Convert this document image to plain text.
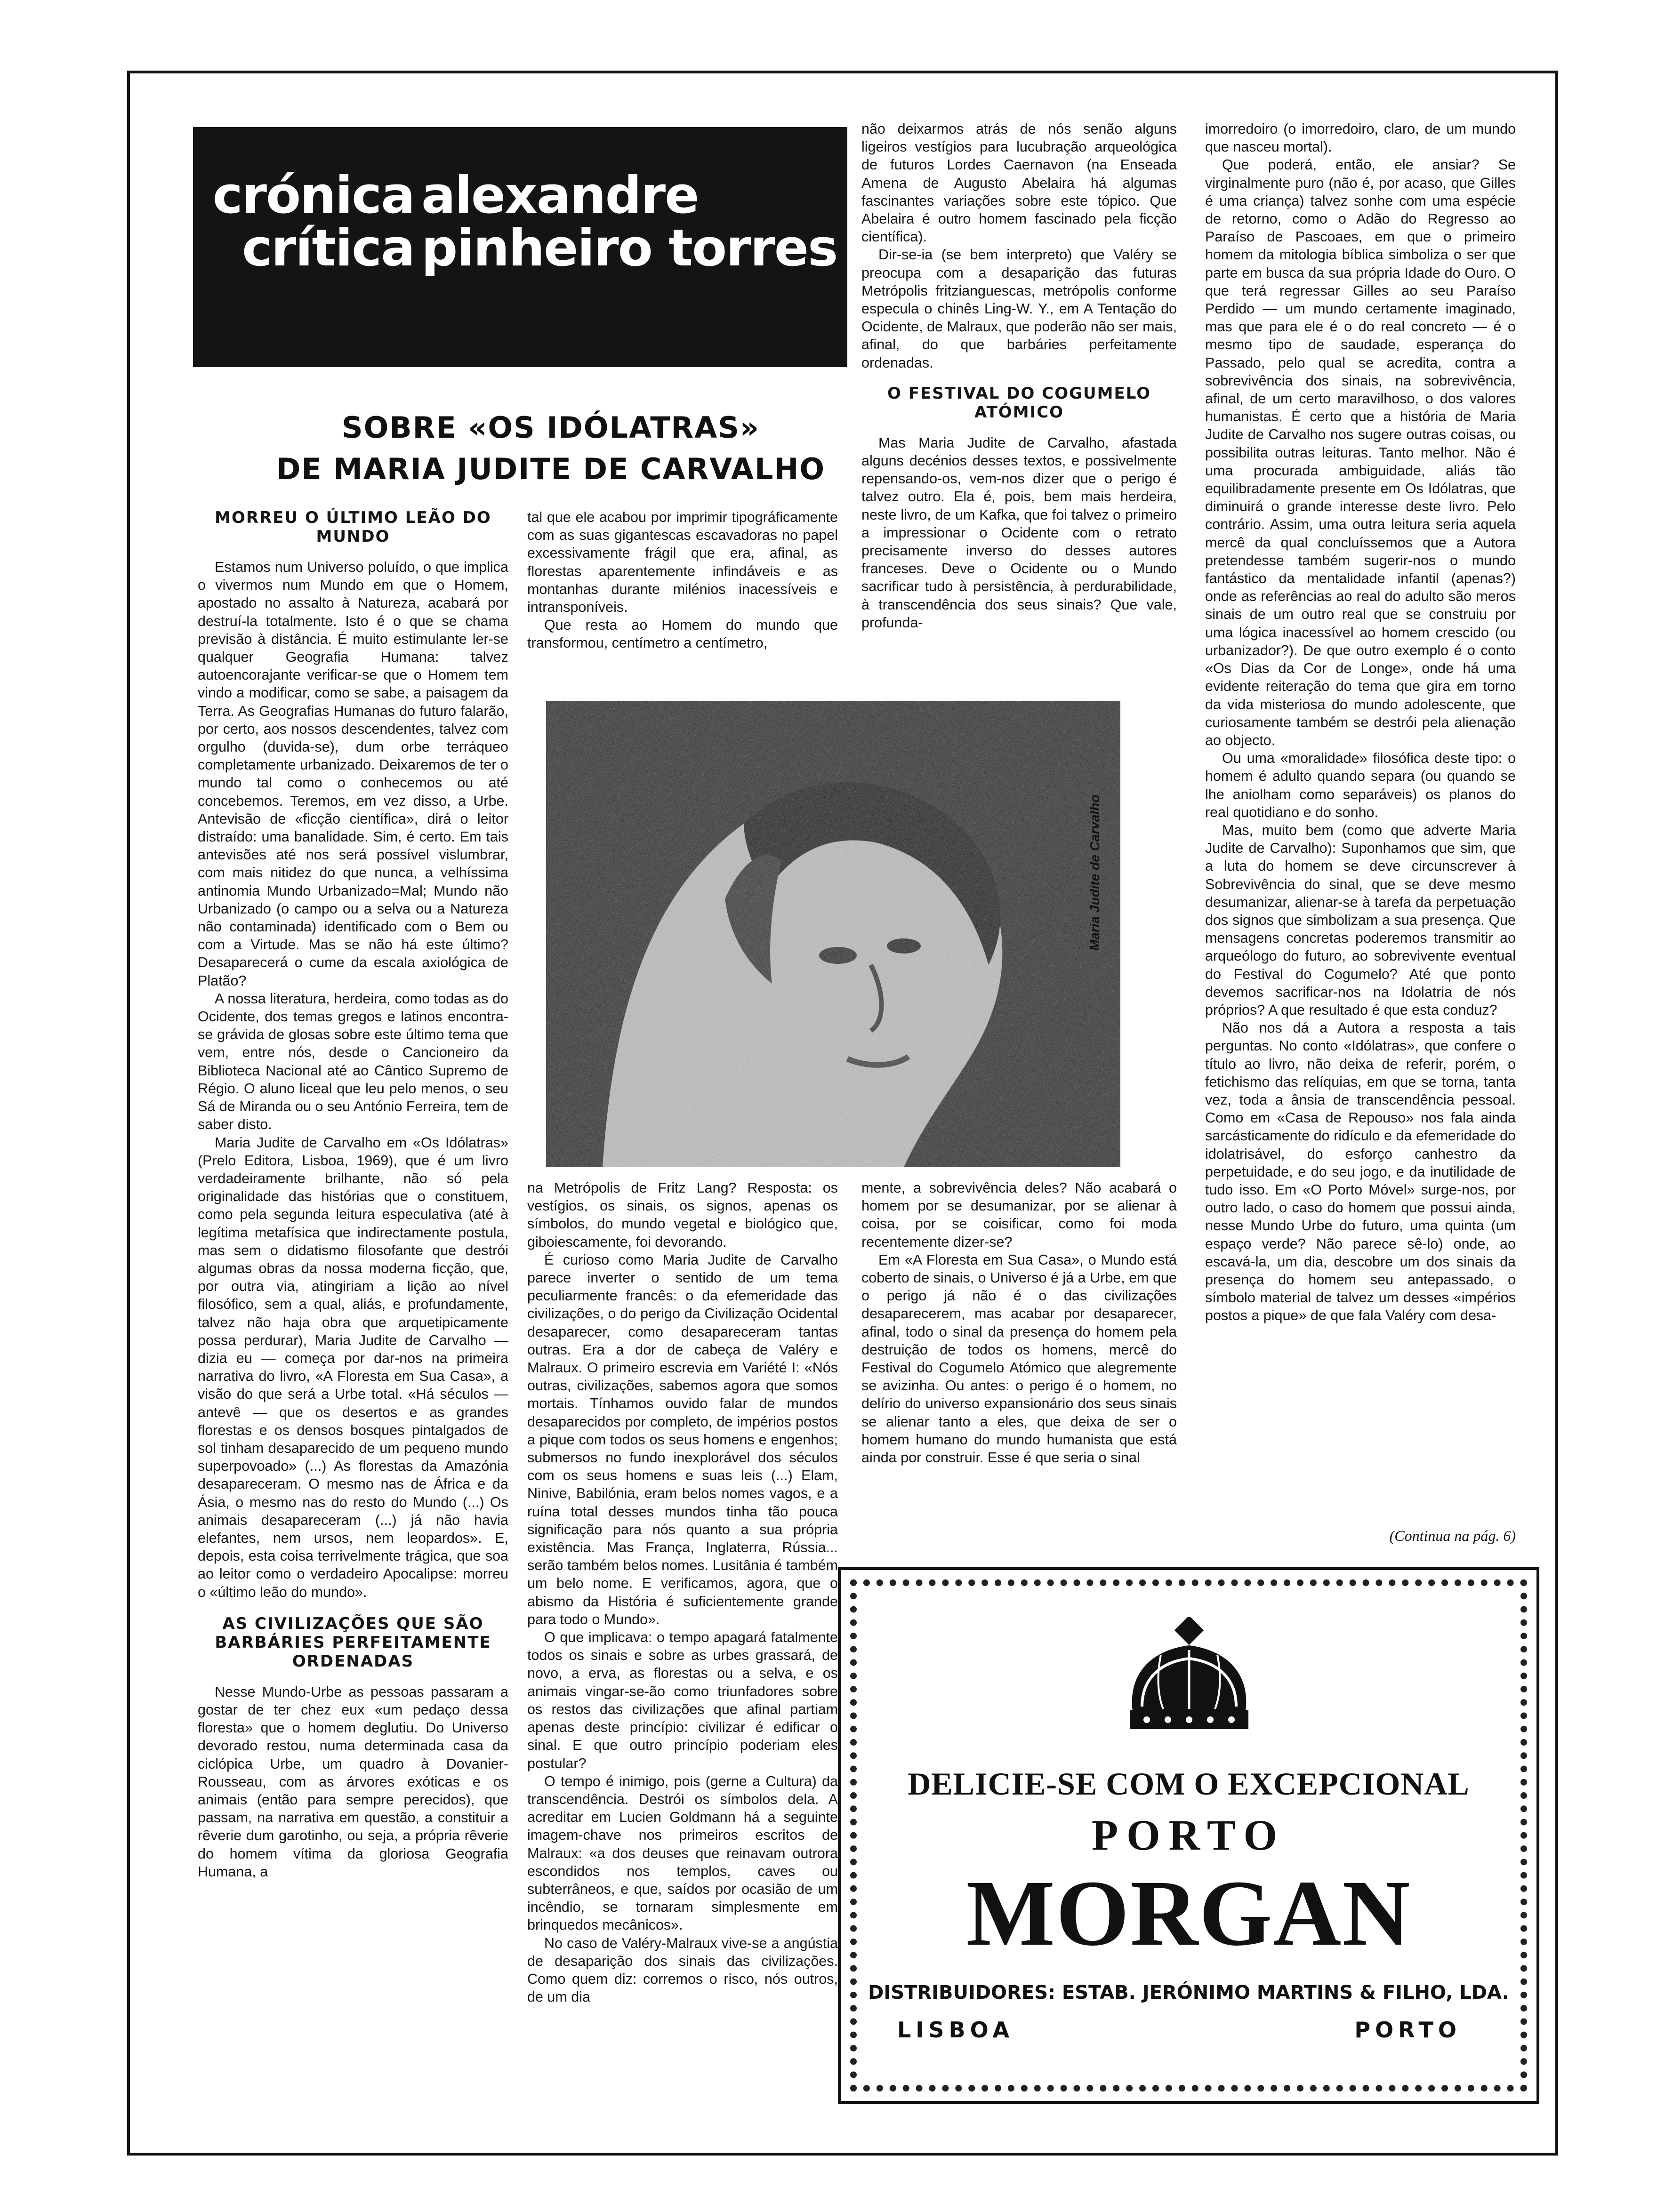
crónica
crítica
alexandre
pinheiro torres
SOBRE «OS IDÓLATRAS»
DE MARIA JUDITE DE CARVALHO
MORREU O ÚLTIMO LEÃO DO MUNDO

Estamos num Universo poluído, o que implica o vivermos num Mundo em que o Homem, apostado no assalto à Natureza, acabará por destruí-la totalmente. Isto é o que se chama previsão à distância. É muito estimulante ler-se qualquer Geografia Humana: talvez autoencorajante verificar-se que o Homem tem vindo a modificar, como se sabe, a paisagem da Terra. As Geografias Humanas do futuro falarão, por certo, aos nossos descendentes, talvez com orgulho (duvida-se), dum orbe terráqueo completamente urbanizado. Deixaremos de ter o mundo tal como o conhecemos ou até concebemos. Teremos, em vez disso, a Urbe. Antevisão de «ficção científica», dirá o leitor distraído: uma banalidade. Sim, é certo. Em tais antevisões até nos será possível vislumbrar, com mais nitidez do que nunca, a velhíssima antinomia Mundo Urbanizado=Mal; Mundo não Urbanizado (o campo ou a selva ou a Natureza não contaminada) identificado com o Bem ou com a Virtude. Mas se não há este último? Desaparecerá o cume da escala axiológica de Platão?

A nossa literatura, herdeira, como todas as do Ocidente, dos temas gregos e latinos encontra-se grávida de glosas sobre este último tema que vem, entre nós, desde o Cancioneiro da Biblioteca Nacional até ao Cântico Supremo de Régio. O aluno liceal que leu pelo menos, o seu Sá de Miranda ou o seu António Ferreira, tem de saber disto.

Maria Judite de Carvalho em «Os Idólatras» (Prelo Editora, Lisboa, 1969), que é um livro verdadeiramente brilhante, não só pela originalidade das histórias que o constituem, como pela segunda leitura especulativa (até à legítima metafísica que indirectamente postula, mas sem o didatismo filosofante que destrói algumas obras da nossa moderna ficção, que, por outra via, atingiriam a lição ao nível filosófico, sem a qual, aliás, e profundamente, talvez não haja obra que arquetipicamente possa perdurar), Maria Judite de Carvalho — dizia eu — começa por dar-nos na primeira narrativa do livro, «A Floresta em Sua Casa», a visão do que será a Urbe total. «Há séculos — antevê — que os desertos e as grandes florestas e os densos bosques pintalgados de sol tinham desaparecido de um pequeno mundo superpovoado» (...) As florestas da Amazónia desapareceram. O mesmo nas de África e da Ásia, o mesmo nas do resto do Mundo (...) Os animais desapareceram (...) já não havia elefantes, nem ursos, nem leopardos». E, depois, esta coisa terrivelmente trágica, que soa ao leitor como o verdadeiro Apocalipse: morreu o «último leão do mundo».

AS CIVILIZAÇÕES QUE SÃO BARBÁRIES PERFEITAMENTE ORDENADAS

Nesse Mundo-Urbe as pessoas passaram a gostar de ter chez eux «um pedaço dessa floresta» que o homem deglutiu. Do Universo devorado restou, numa determinada casa da ciclópica Urbe, um quadro à Dovanier-Rousseau, com as árvores exóticas e os animais (então para sempre perecidos), que passam, na narrativa em questão, a constituir a rêverie dum garotinho, ou seja, a própria rêverie do homem vítima da gloriosa Geografia Humana, a

tal que ele acabou por imprimir tipográficamente com as suas gigantescas escavadoras no papel excessivamente frágil que era, afinal, as florestas aparentemente infindáveis e as montanhas durante milénios inacessíveis e intransponíveis.

Que resta ao Homem do mundo que transformou, centímetro a centímetro,

não deixarmos atrás de nós senão alguns ligeiros vestígios para lucubração arqueológica de futuros Lordes Caernavon (na Enseada Amena de Augusto Abelaira há algumas fascinantes variações sobre este tópico. Que Abelaira é outro homem fascinado pela ficção científica).

Dir-se-ia (se bem interpreto) que Valéry se preocupa com a desaparição das futuras Metrópolis fritzianguescas, metrópolis conforme especula o chinês Ling-W. Y., em A Tentação do Ocidente, de Malraux, que poderão não ser mais, afinal, do que barbáries perfeitamente ordenadas.

O FESTIVAL DO COGUMELO ATÓMICO

Mas Maria Judite de Carvalho, afastada alguns decénios desses textos, e possivelmente repensando-os, vem-nos dizer que o perigo é talvez outro. Ela é, pois, bem mais herdeira, neste livro, de um Kafka, que foi talvez o primeiro a impressionar o Ocidente com o retrato precisamente inverso do desses autores franceses. Deve o Ocidente ou o Mundo sacrificar tudo à persistência, à perdurabilidade, à transcendência dos seus sinais? Que vale, profunda-

Maria Judite de Carvalho

na Metrópolis de Fritz Lang? Resposta: os vestígios, os sinais, os signos, apenas os símbolos, do mundo vegetal e biológico que, giboiescamente, foi devorando.

É curioso como Maria Judite de Carvalho parece inverter o sentido de um tema peculiarmente francês: o da efemeridade das civilizações, o do perigo da Civilização Ocidental desaparecer, como desapareceram tantas outras. Era a dor de cabeça de Valéry e Malraux. O primeiro escrevia em Variété I: «Nós outras, civilizações, sabemos agora que somos mortais. Tínhamos ouvido falar de mundos desaparecidos por completo, de impérios postos a pique com todos os seus homens e engenhos; submersos no fundo inexplorável dos séculos com os seus homens e suas leis (...) Elam, Ninive, Babilónia, eram belos nomes vagos, e a ruína total desses mundos tinha tão pouca significação para nós quanto a sua própria existência. Mas França, Inglaterra, Rússia... serão também belos nomes. Lusitânia é também um belo nome. E verificamos, agora, que o abismo da História é suficientemente grande para todo o Mundo».

O que implicava: o tempo apagará fatalmente todos os sinais e sobre as urbes grassará, de novo, a erva, as florestas ou a selva, e os animais vingar-se-ão como triunfadores sobre os restos das civilizações que afinal partiam apenas deste princípio: civilizar é edificar o sinal. E que outro princípio poderiam eles postular?

O tempo é inimigo, pois (gerne a Cultura) da transcendência. Destrói os símbolos dela. A acreditar em Lucien Goldmann há a seguinte imagem-chave nos primeiros escritos de Malraux: «a dos deuses que reinavam outrora escondidos nos templos, caves ou subterrâneos, e que, saídos por ocasião de um incêndio, se tornaram simplesmente em brinquedos mecânicos».

No caso de Valéry-Malraux vive-se a angústia de desaparição dos sinais das civilizações. Como quem diz: corremos o risco, nós outros, de um dia

mente, a sobrevivência deles? Não acabará o homem por se desumanizar, por se alienar à coisa, por se coisificar, como foi moda recentemente dizer-se?

Em «A Floresta em Sua Casa», o Mundo está coberto de sinais, o Universo é já a Urbe, em que o perigo já não é o das civilizações desaparecerem, mas acabar por desaparecer, afinal, todo o sinal da presença do homem pela destruição de todos os homens, mercê do Festival do Cogumelo Atómico que alegremente se avizinha. Ou antes: o perigo é o homem, no delírio do universo expansionário dos seus sinais se alienar tanto a eles, que deixa de ser o homem humano do mundo humanista que está ainda por construir. Esse é que seria o sinal

imorredoiro (o imorredoiro, claro, de um mundo que nasceu mortal).

Que poderá, então, ele ansiar? Se virginalmente puro (não é, por acaso, que Gilles é uma criança) talvez sonhe com uma espécie de retorno, como o Adão do Regresso ao Paraíso de Pascoaes, em que o primeiro homem da mitologia bíblica simboliza o ser que parte em busca da sua própria Idade do Ouro. O que terá regressar Gilles ao seu Paraíso Perdido — um mundo certamente imaginado, mas que para ele é o do real concreto — é o mesmo tipo de saudade, esperança do Passado, pelo qual se acredita, contra a sobrevivência dos sinais, na sobrevivência, afinal, de um certo maravilhoso, o dos valores humanistas. É certo que a história de Maria Judite de Carvalho nos sugere outras coisas, ou possibilita outras leituras. Tanto melhor. Não é uma procurada ambiguidade, aliás tão equilibradamente presente em Os Idólatras, que diminuirá o grande interesse deste livro. Pelo contrário. Assim, uma outra leitura seria aquela mercê da qual concluíssemos que a Autora pretendesse também sugerir-nos o mundo fantástico da mentalidade infantil (apenas?) onde as referências ao real do adulto são meros sinais de um outro real que se construiu por uma lógica inacessível ao homem crescido (ou urbanizador?). De que outro exemplo é o conto «Os Dias da Cor de Longe», onde há uma evidente reiteração do tema que gira em torno da vida misteriosa do mundo adolescente, que curiosamente também se destrói pela alienação ao objecto.

Ou uma «moralidade» filosófica deste tipo: o homem é adulto quando separa (ou quando se lhe aniolham como separáveis) os planos do real quotidiano e do sonho.

Mas, muito bem (como que adverte Maria Judite de Carvalho): Suponhamos que sim, que a luta do homem se deve circunscrever à Sobrevivência do sinal, que se deve mesmo desumanizar, alienar-se à tarefa da perpetuação dos signos que simbolizam a sua presença. Que mensagens concretas poderemos transmitir ao arqueólogo do futuro, ao sobrevivente eventual do Festival do Cogumelo? Até que ponto devemos sacrificar-nos na Idolatria de nós próprios? A que resultado é que esta conduz?

Não nos dá a Autora a resposta a tais perguntas. No conto «Idólatras», que confere o título ao livro, não deixa de referir, porém, o fetichismo das relíquias, em que se torna, tanta vez, toda a ânsia de transcendência pessoal. Como em «Casa de Repouso» nos fala ainda sarcásticamente do ridículo e da efemeridade do idolatrisável, do esforço canhestro da perpetuidade, e do seu jogo, e da inutilidade de tudo isso. Em «O Porto Móvel» surge-nos, por outro lado, o caso do homem que possui ainda, nesse Mundo Urbe do futuro, uma quinta (um espaço verde? Não parece sê-lo) onde, ao escavá-la, um dia, descobre um dos sinais da presença do homem seu antepassado, o símbolo material de talvez um desses «impérios postos a pique» de que fala Valéry com desa-

(Continua na pág. 6)
DELICIE-SE COM O EXCEPCIONAL
PORTO
MORGAN
DISTRIBUIDORES: ESTAB. JERÓNIMO MARTINS & FILHO, LDA.
LISBOA	PORTO
